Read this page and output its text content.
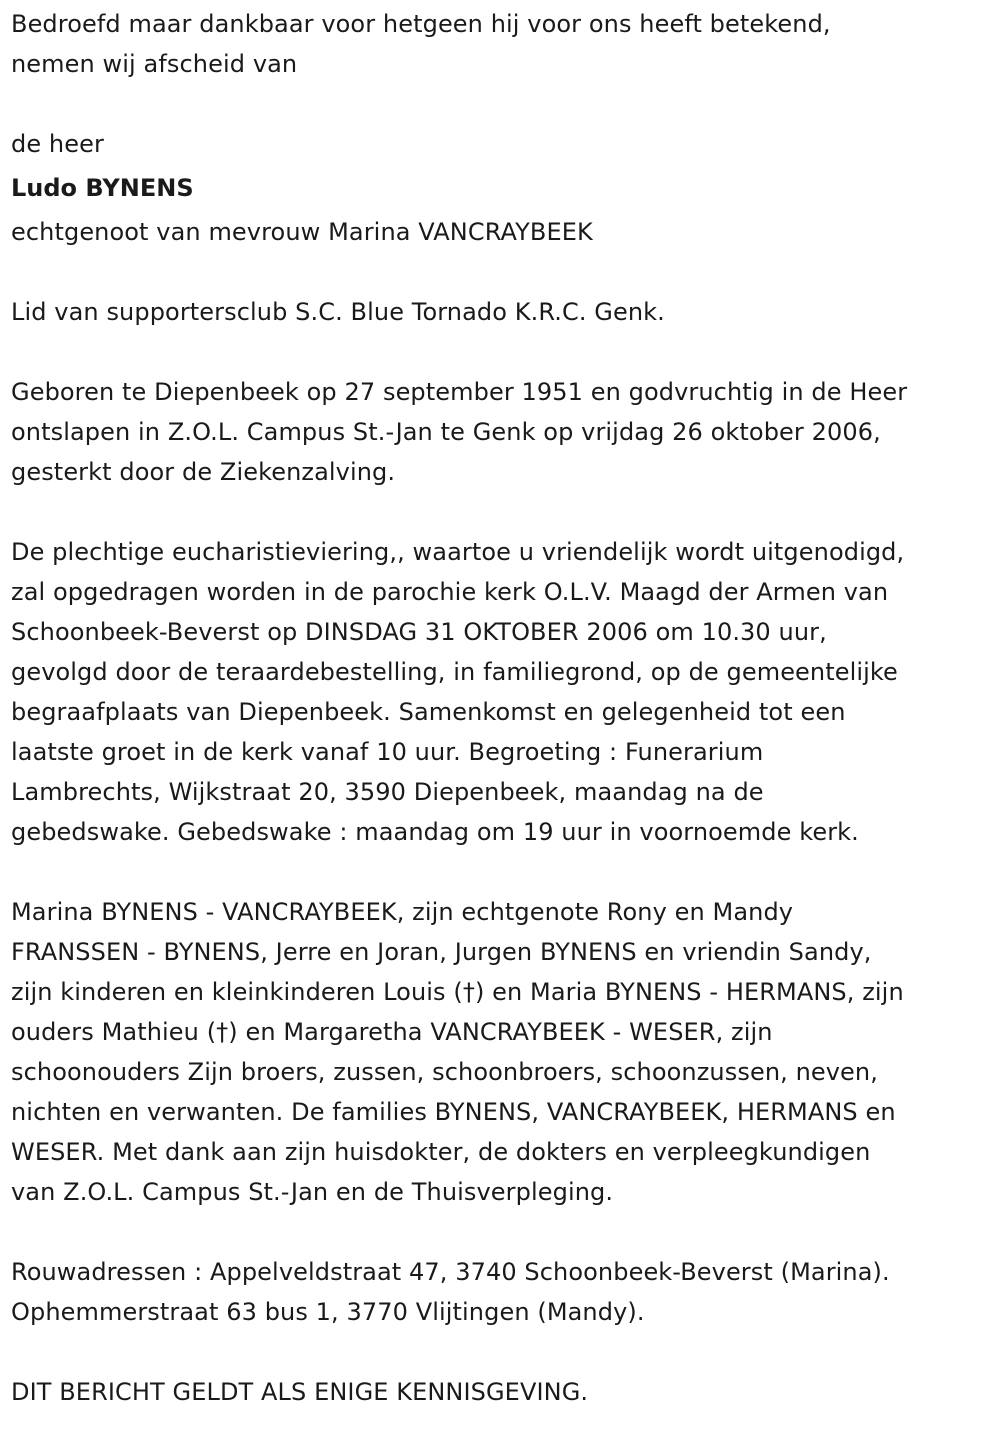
Bedroefd maar dankbaar voor hetgeen hij voor ons heeft betekend,
nemen wij afscheid van

de heer

Ludo BYNENS

echtgenoot van mevrouw Marina VANCRAYBEEK

Lid van supportersclub S.C. Blue Tornado K.R.C. Genk.

Geboren te Diepenbeek op 27 september 1951 en godvruchtig in de Heer
ontslapen in Z.O.L. Campus St.-Jan te Genk op vrijdag 26 oktober 2006,
gesterkt door de Ziekenzalving.

De plechtige eucharistieviering,, waartoe u vriendelijk wordt uitgenodigd,
zal opgedragen worden in de parochie kerk O.L.V. Maagd der Armen van
Schoonbeek-Beverst op DINSDAG 31 OKTOBER 2006 om 10.30 uur,
gevolgd door de teraardebestelling, in familiegrond, op de gemeentelijke
begraafplaats van Diepenbeek. Samenkomst en gelegenheid tot een
laatste groet in de kerk vanaf 10 uur. Begroeting : Funerarium
Lambrechts, Wijkstraat 20, 3590 Diepenbeek, maandag na de
gebedswake. Gebedswake : maandag om 19 uur in voornoemde kerk.

Marina BYNENS - VANCRAYBEEK, zijn echtgenote Rony en Mandy
FRANSSEN - BYNENS, Jerre en Joran, Jurgen BYNENS en vriendin Sandy,
zijn kinderen en kleinkinderen Louis (†) en Maria BYNENS - HERMANS, zijn
ouders Mathieu (†) en Margaretha VANCRAYBEEK - WESER, zijn
schoonouders Zijn broers, zussen, schoonbroers, schoonzussen, neven,
nichten en verwanten. De families BYNENS, VANCRAYBEEK, HERMANS en
WESER. Met dank aan zijn huisdokter, de dokters en verpleegkundigen
van Z.O.L. Campus St.-Jan en de Thuisverpleging.

Rouwadressen : Appelveldstraat 47, 3740 Schoonbeek-Beverst (Marina).
Ophemmerstraat 63 bus 1, 3770 Vlijtingen (Mandy).

DIT BERICHT GELDT ALS ENIGE KENNISGEVING.
